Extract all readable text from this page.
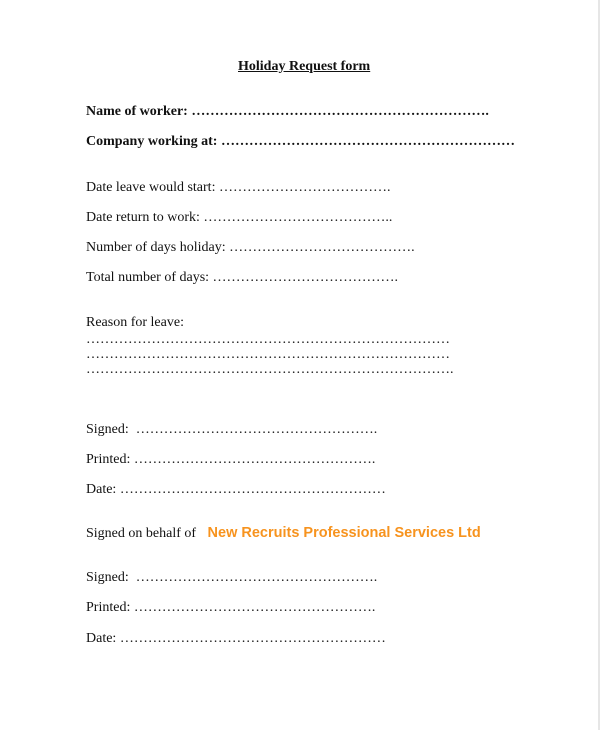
Holiday Request form
Name of worker: ……………………………………………………….
Company working at: ………………………………………………………
Date leave would start: ……………………………….
Date return to work: …………………………………..
Number of days holiday: ………………………………….
Total number of days: ………………………………….
Reason for leave:
……………………………………………………………………
……………………………………………………………………
…………………………………………………………………….
Signed: …………………………………………….
Printed: …………………………………………….
Date: …………………………………………………
Signed on behalf of New Recruits Professional Services Ltd
Signed: …………………………………………….
Printed: …………………………………………….
Date: …………………………………………………
